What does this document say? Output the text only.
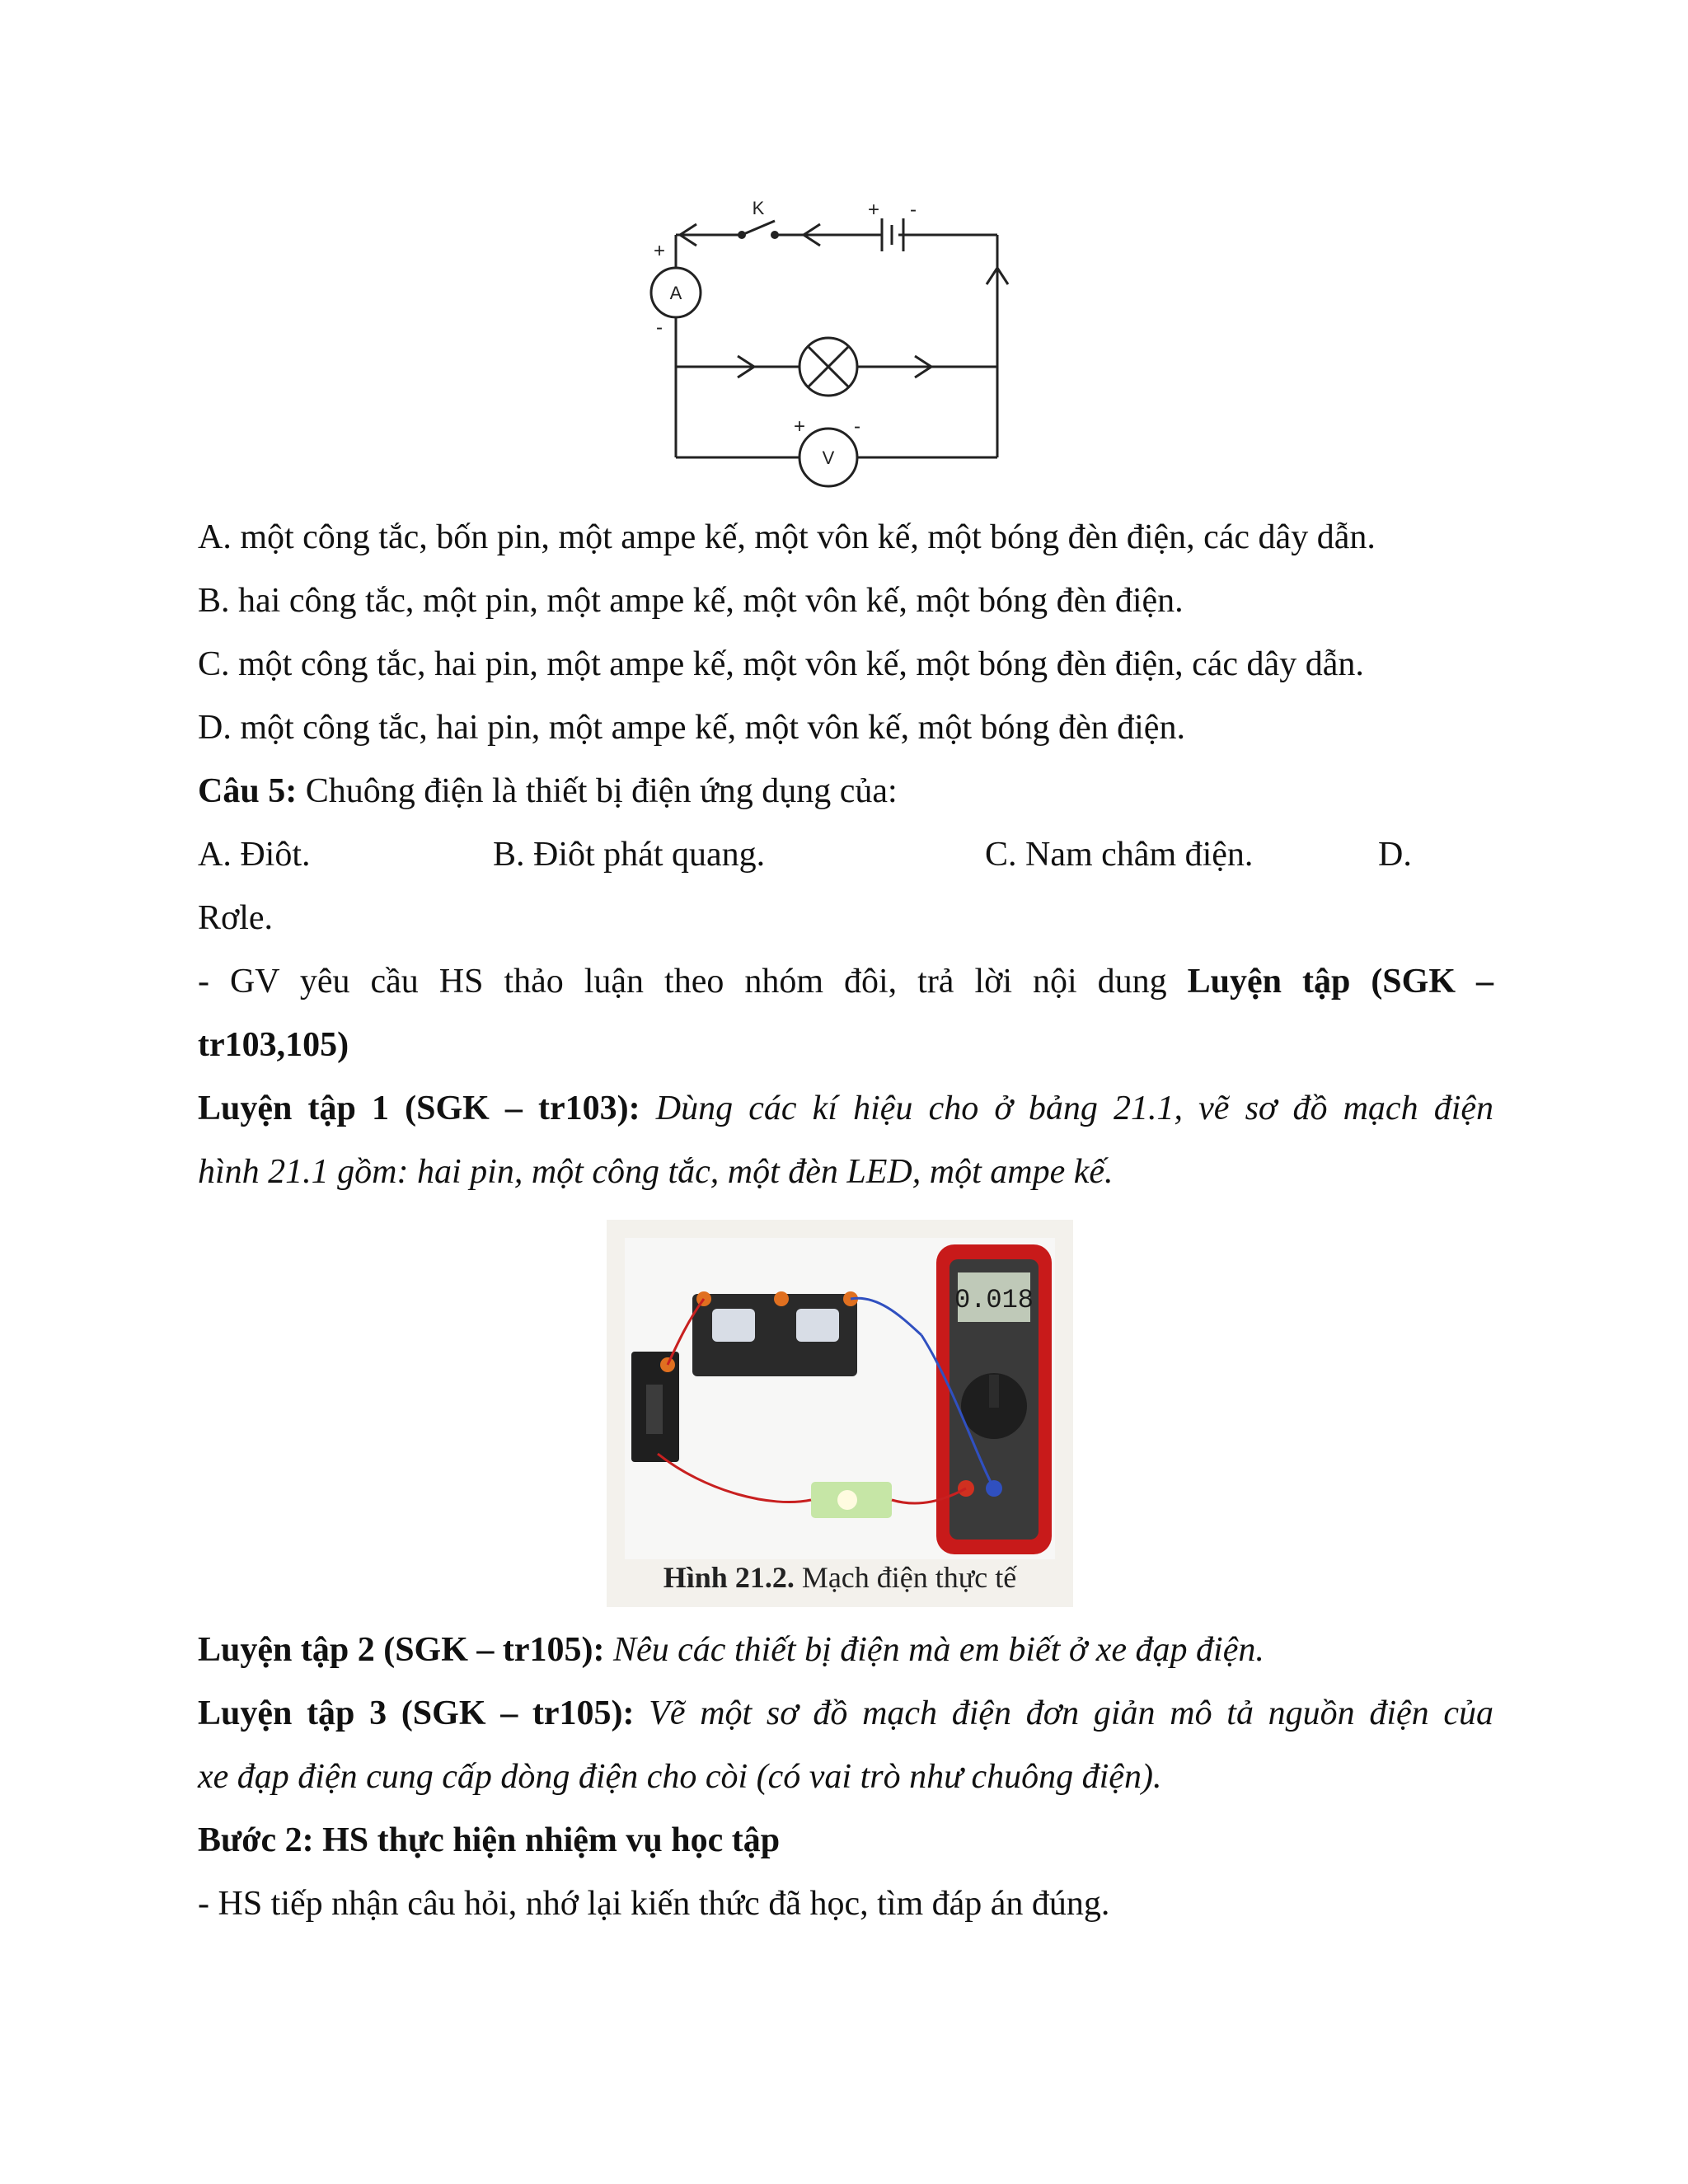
K	+ -
A
+
-
V
+ -
A. một công tắc, bốn pin, một ampe kế, một vôn kế, một bóng đèn điện, các dây dẫn.
B. hai công tắc, một pin, một ampe kế, một vôn kế, một bóng đèn điện.
C. một công tắc, hai pin, một ampe kế, một vôn kế, một bóng đèn điện, các dây dẫn.
D. một công tắc, hai pin, một ampe kế, một vôn kế, một bóng đèn điện.
Câu 5: Chuông điện là thiết bị điện ứng dụng của:
A. Điôt.	B. Điôt phát quang.	C. Nam châm điện.	D.
Rơle.
- GV yêu cầu HS thảo luận theo nhóm đôi, trả lời nội dung Luyện tập (SGK –
tr103,105)
Luyện tập 1 (SGK – tr103): Dùng các kí hiệu cho ở bảng 21.1, vẽ sơ đồ mạch điện
hình 21.1 gồm: hai pin, một công tắc, một đèn LED, một ampe kế.
0.018
Hình 21.2. Mạch điện thực tế
Luyện tập 2 (SGK – tr105): Nêu các thiết bị điện mà em biết ở xe đạp điện.
Luyện tập 3 (SGK – tr105): Vẽ một sơ đồ mạch điện đơn giản mô tả nguồn điện của
xe đạp điện cung cấp dòng điện cho còi (có vai trò như chuông điện).
Bước 2: HS thực hiện nhiệm vụ học tập
- HS tiếp nhận câu hỏi, nhớ lại kiến thức đã học, tìm đáp án đúng.
